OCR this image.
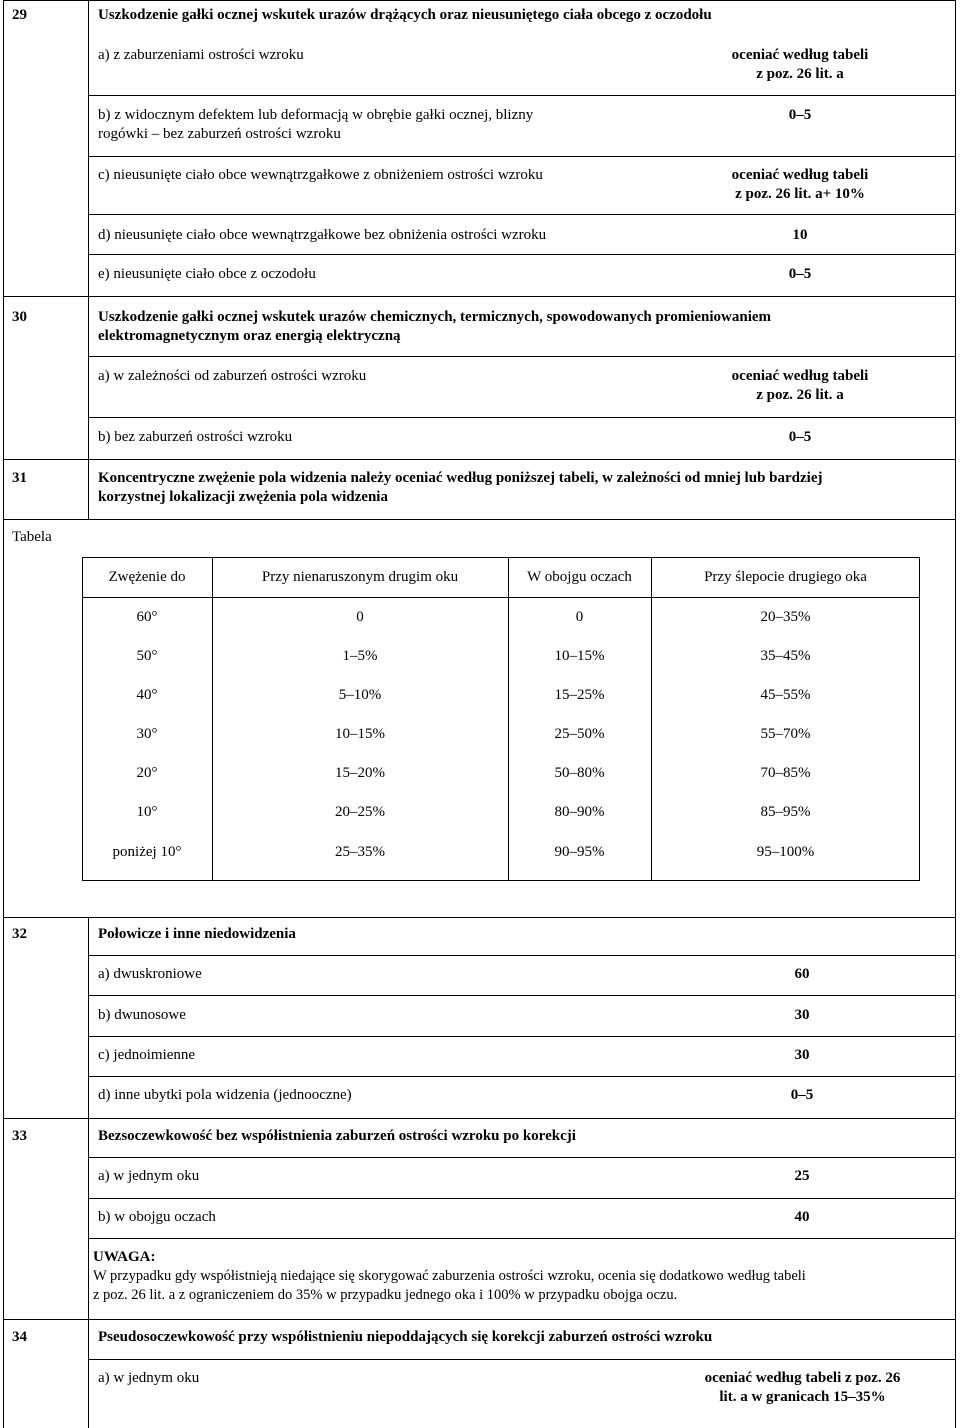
29	Uszkodzenie gałki ocznej wskutek urazów drążących oraz nieusuniętego ciała obcego z oczodołu
a) z zaburzeniami ostrości wzroku	oceniać według tabeli
z poz. 26 lit. a
b) z widocznym defektem lub deformacją w obrębie gałki ocznej, blizny
rogówki – bez zaburzeń ostrości wzroku
0–5
c) nieusunięte ciało obce wewnątrzgałkowe z obniżeniem ostrości wzroku	oceniać według tabeli
z poz. 26 lit. a+ 10%
d) nieusunięte ciało obce wewnątrzgałkowe bez obniżenia ostrości wzroku	10
e) nieusunięte ciało obce z oczodołu	0–5
30	Uszkodzenie gałki ocznej wskutek urazów chemicznych, termicznych, spowodowanych promieniowaniem
elektromagnetycznym oraz energią elektryczną
a) w zależności od zaburzeń ostrości wzroku	oceniać według tabeli
z poz. 26 lit. a
b) bez zaburzeń ostrości wzroku	0–5
31	Koncentryczne zwężenie pola widzenia należy oceniać według poniższej tabeli, w zależności od mniej lub bardziej
korzystnej lokalizacji zwężenia pola widzenia
Tabela
Zwężenie do	Przy nienaruszonym drugim oku	W obojgu oczach	Przy ślepocie drugiego oka
60°	0	0	20–35%
50°	1–5%	10–15%	35–45%
40°	5–10%	15–25%	45–55%
30°	10–15%	25–50%	55–70%
20°	15–20%	50–80%	70–85%
10°	20–25%	80–90%	85–95%
poniżej 10°	25–35%	90–95%	95–100%
32	Połowicze i inne niedowidzenia
a) dwuskroniowe	60
b) dwunosowe	30
c) jednoimienne	30
d) inne ubytki pola widzenia (jednooczne)	0–5
33	Bezsoczewkowość bez współistnienia zaburzeń ostrości wzroku po korekcji
a) w jednym oku	25
b) w obojgu oczach	40
UWAGA:
W przypadku gdy współistnieją niedające się skorygować zaburzenia ostrości wzroku, ocenia się dodatkowo według tabeli
z poz. 26 lit. a z ograniczeniem do 35% w przypadku jednego oka i 100% w przypadku obojga oczu.
34	Pseudosoczewkowość przy współistnieniu niepoddających się korekcji zaburzeń ostrości wzroku
a) w jednym oku	oceniać według tabeli z poz. 26
lit. a w granicach 15–35%
